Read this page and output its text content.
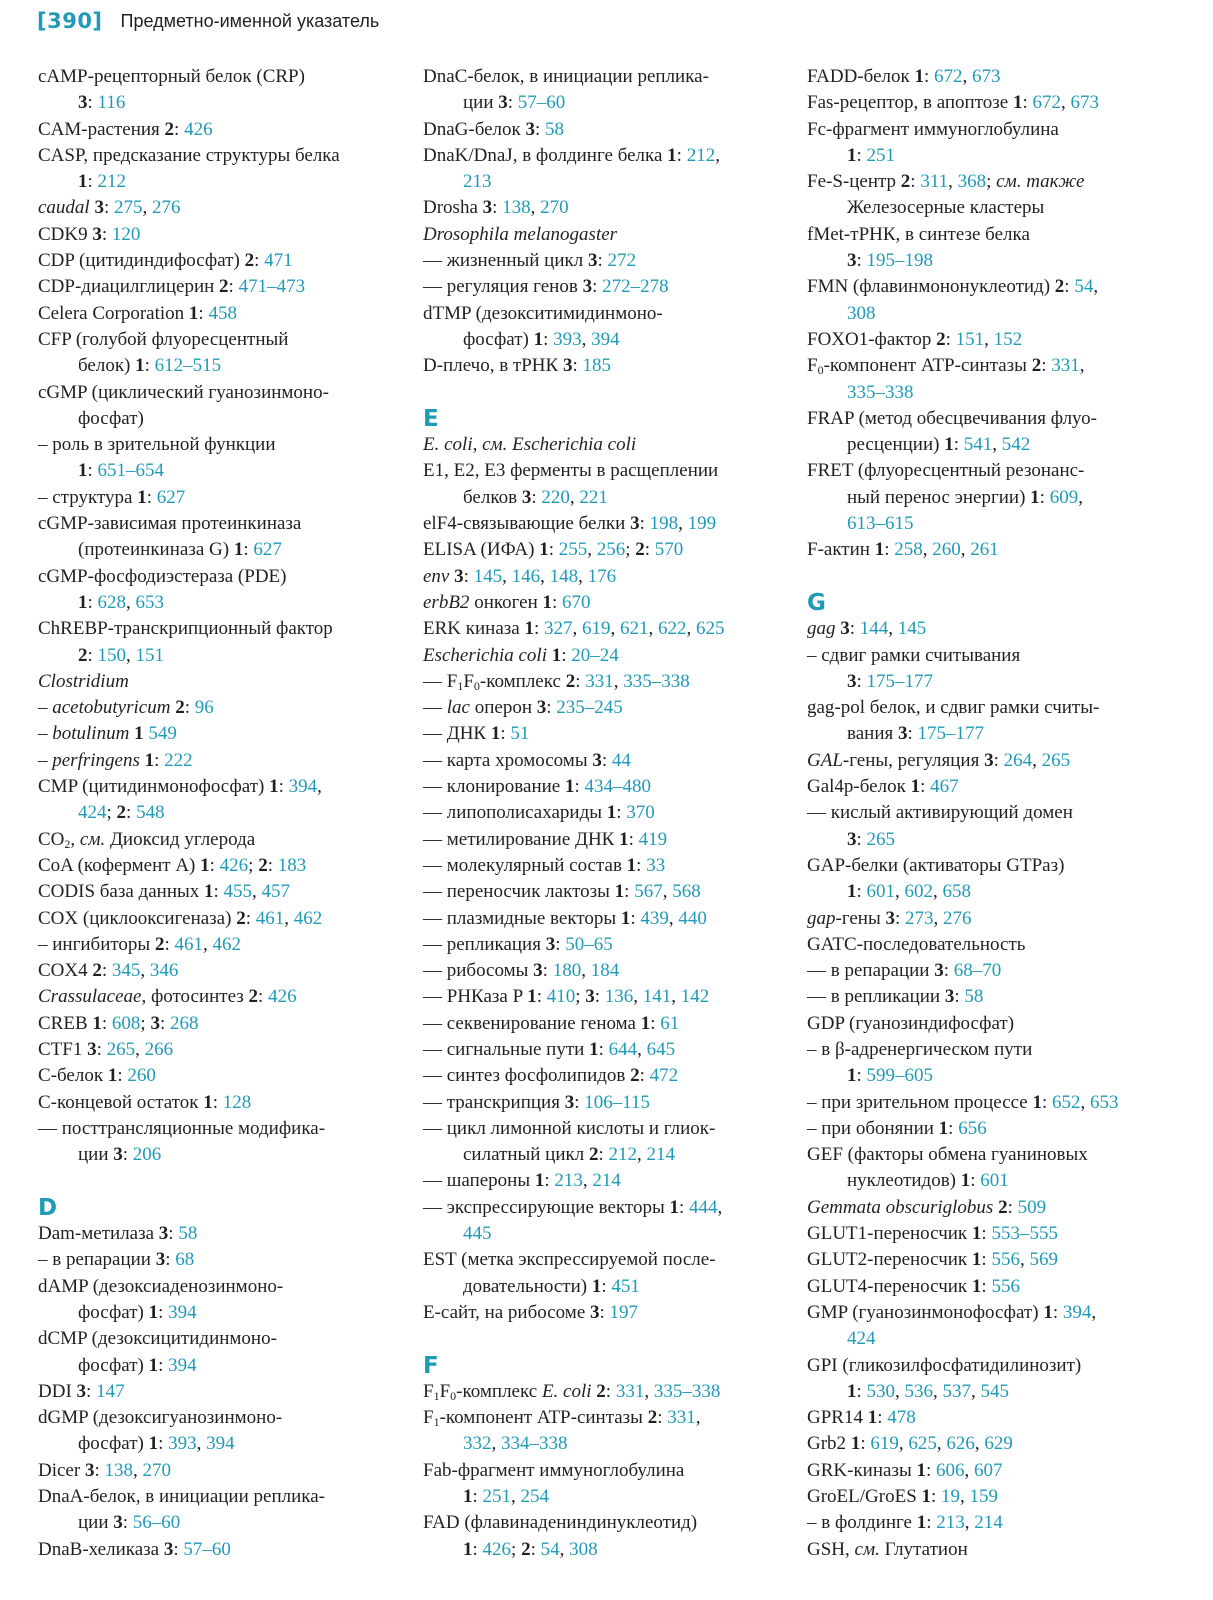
[390] Предметно-именной указатель
cAMP-рецепторный белок (CRP)
3: 116
CAM-растения 2: 426
CASP, предсказание структуры белка
1: 212
caudal 3: 275, 276
CDK9 3: 120
CDP (цитидиндифосфат) 2: 471
CDP-диацилглицерин 2: 471–473
Celera Corporation 1: 458
CFP (голубой флуоресцентный
белок) 1: 612–515
cGMP (циклический гуанозинмоно-
фосфат)
– роль в зрительной функции
1: 651–654
– структура 1: 627
cGMP-зависимая протеинкиназа
(протеинкиназа G) 1: 627
cGMP-фосфодиэстераза (PDE)
1: 628, 653
ChREBP-транскрипционный фактор
2: 150, 151
Clostridium
– acetobutyricum 2: 96
– botulinum 1 549
– perfringens 1: 222
CMP (цитидинмонофосфат) 1: 394,
424; 2: 548
$CO_2$, см. Диоксид углерода
CoA (кофермент A) 1: 426; 2: 183
CODIS база данных 1: 455, 457
COX (циклооксигеназа) 2: 461, 462
– ингибиторы 2: 461, 462
COX4 2: 345, 346
Crassulaceae, фотосинтез 2: 426
CREB 1: 608; 3: 268
CTF1 3: 265, 266
C-белок 1: 260
C-концевой остаток 1: 128
–– посттрансляционные модифика-
ции 3: 206
D
Dam-метилаза 3: 58
– в репарации 3: 68
dAMP (дезоксиаденозинмоно-
фосфат) 1: 394
dCMP (дезоксицитидинмоно-
фосфат) 1: 394
DDI 3: 147
dGMP (дезоксигуанозинмоно-
фосфат) 1: 393, 394
Dicer 3: 138, 270
DnaA-белок, в инициации реплика-
ции 3: 56–60
DnaB-хеликаза 3: 57–60
DnaC-белок, в инициации реплика-
ции 3: 57–60
DnaG-белок 3: 58
DnaK/DnaJ, в фолдинге белка 1: 212,
213
Drosha 3: 138, 270
Drosophila melanogaster
–– жизненный цикл 3: 272
–– регуляция генов 3: 272–278
dTMP (дезокситимидинмоно-
фосфат) 1: 393, 394
D-плечо, в тРНК 3: 185
E
E. coli, см. Escherichia coli
E1, E2, E3 ферменты в расщеплении
белков 3: 220, 221
elF4-связывающие белки 3: 198, 199
ELISA (ИФА) 1: 255, 256; 2: 570
env 3: 145, 146, 148, 176
erbB2 онкоген 1: 670
ERK киназа 1: 327, 619, 621, 622, 625
Escherichia coli 1: 20–24
–– $F_1F_0$-комплекс 2: 331, 335–338
–– lac оперон 3: 235–245
–– ДНК 1: 51
–– карта хромосомы 3: 44
–– клонирование 1: 434–480
–– липополисахариды 1: 370
–– метилирование ДНК 1: 419
–– молекулярный состав 1: 33
–– переносчик лактозы 1: 567, 568
–– плазмидные векторы 1: 439, 440
–– репликация 3: 50–65
–– рибосомы 3: 180, 184
–– РНКаза P 1: 410; 3: 136, 141, 142
–– секвенирование генома 1: 61
–– сигнальные пути 1: 644, 645
–– синтез фосфолипидов 2: 472
–– транскрипция 3: 106–115
–– цикл лимонной кислоты и глиок-
силатный цикл 2: 212, 214
–– шапероны 1: 213, 214
–– экспрессирующие векторы 1: 444,
445
EST (метка экспрессируемой после-
довательности) 1: 451
E-сайт, на рибосоме 3: 197
F
$F_1F_0$-комплекс E. coli 2: 331, 335–338
$F_1$-компонент ATP-синтазы 2: 331,
332, 334–338
Fab-фрагмент иммуноглобулина
1: 251, 254
FAD (флавинадениндинуклеотид)
1: 426; 2: 54, 308
FADD-белок 1: 672, 673
Fas-рецептор, в апоптозе 1: 672, 673
Fc-фрагмент иммуноглобулина
1: 251
Fe-S-центр 2: 311, 368; см. также
Железосерные кластеры
fMet-тРНК, в синтезе белка
3: 195–198
FMN (флавинмононуклеотид) 2: 54,
308
FOXO1-фактор 2: 151, 152
$F_0$-компонент ATP-синтазы 2: 331,
335–338
FRAP (метод обесцвечивания флуо-
ресценции) 1: 541, 542
FRET (флуоресцентный резонанс-
ный перенос энергии) 1: 609,
613–615
F-актин 1: 258, 260, 261
G
gag 3: 144, 145
– сдвиг рамки считывания
3: 175–177
gag-pol белок, и сдвиг рамки считы-
вания 3: 175–177
GAL-гены, регуляция 3: 264, 265
Gal4p-белок 1: 467
–– кислый активирующий домен
3: 265
GAP-белки (активаторы GTPаз)
1: 601, 602, 658
gap-гены 3: 273, 276
GATC-последовательность
–– в репарации 3: 68–70
–– в репликации 3: 58
GDP (гуанозиндифосфат)
– в β-адренергическом пути
1: 599–605
– при зрительном процессе 1: 652, 653
– при обонянии 1: 656
GEF (факторы обмена гуаниновых
нуклеотидов) 1: 601
Gemmata obscuriglobus 2: 509
GLUT1-переносчик 1: 553–555
GLUT2-переносчик 1: 556, 569
GLUT4-переносчик 1: 556
GMP (гуанозинмонофосфат) 1: 394,
424
GPI (гликозилфосфатидилинозит)
1: 530, 536, 537, 545
GPR14 1: 478
Grb2 1: 619, 625, 626, 629
GRK-киназы 1: 606, 607
GroEL/GroES 1: 19, 159
– в фолдинге 1: 213, 214
GSH, см. Глутатион
